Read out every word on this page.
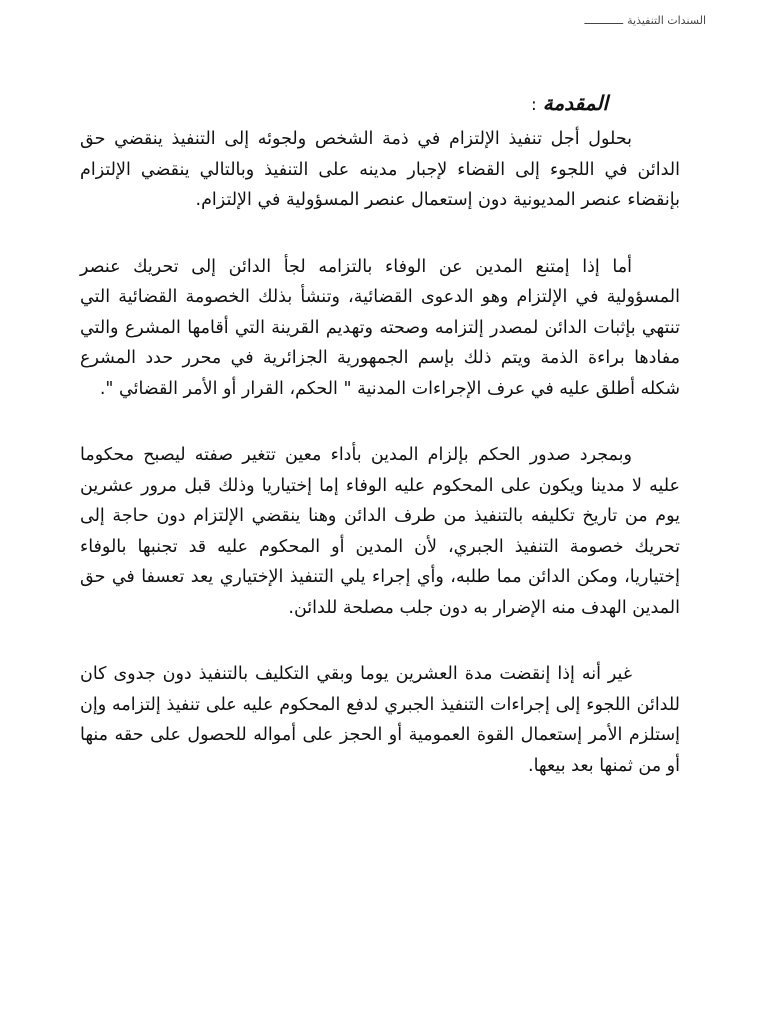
السندات التنفيذية
ــــــــــــ
المقدمة:

بحلول أجل تنفيذ الإلتزام في ذمة الشخص ولجوئه إلى التنفيذ ينقضي حق الدائن في اللجوء إلى القضاء لإجبار مدينه على التنفيذ وبالتالي ينقضي الإلتزام بإنقضاء عنصر المديونية دون إستعمال عنصر المسؤولية في الإلتزام.

أما إذا إمتنع المدين عن الوفاء بالتزامه لجأ الدائن إلى تحريك عنصر المسؤولية في الإلتزام وهو الدعوى القضائية، وتنشأ بذلك الخصومة القضائية التي تنتهي بإثبات الدائن لمصدر إلتزامه وصحته وتهديم القرينة التي أقامها المشرع والتي مفادها براءة الذمة ويتم ذلك بإسم الجمهورية الجزائرية في محرر حدد المشرع شكله أطلق عليه في عرف الإجراءات المدنية " الحكم، القرار أو الأمر القضائي ".

وبمجرد صدور الحكم بإلزام المدين بأداء معين تتغير صفته ليصبح محكوما عليه لا مدينا ويكون على المحكوم عليه الوفاء إما إختياريا وذلك قبل مرور عشرين يوم من تاريخ تكليفه بالتنفيذ من طرف الدائن وهنا ينقضي الإلتزام دون حاجة إلى تحريك خصومة التنفيذ الجبري، لأن المدين أو المحكوم عليه قد تجنبها بالوفاء إختياريا، ومكن الدائن مما طلبه، وأي إجراء يلي التنفيذ الإختياري يعد تعسفا في حق المدين الهدف منه الإضرار به دون جلب مصلحة للدائن.

غير أنه إذا إنقضت مدة العشرين يوما وبقي التكليف بالتنفيذ دون جدوى كان للدائن اللجوء إلى إجراءات التنفيذ الجبري لدفع المحكوم عليه على تنفيذ إلتزامه وإن إستلزم الأمر إستعمال القوة العمومية أو الحجز على أمواله للحصول على حقه منها أو من ثمنها بعد بيعها.
